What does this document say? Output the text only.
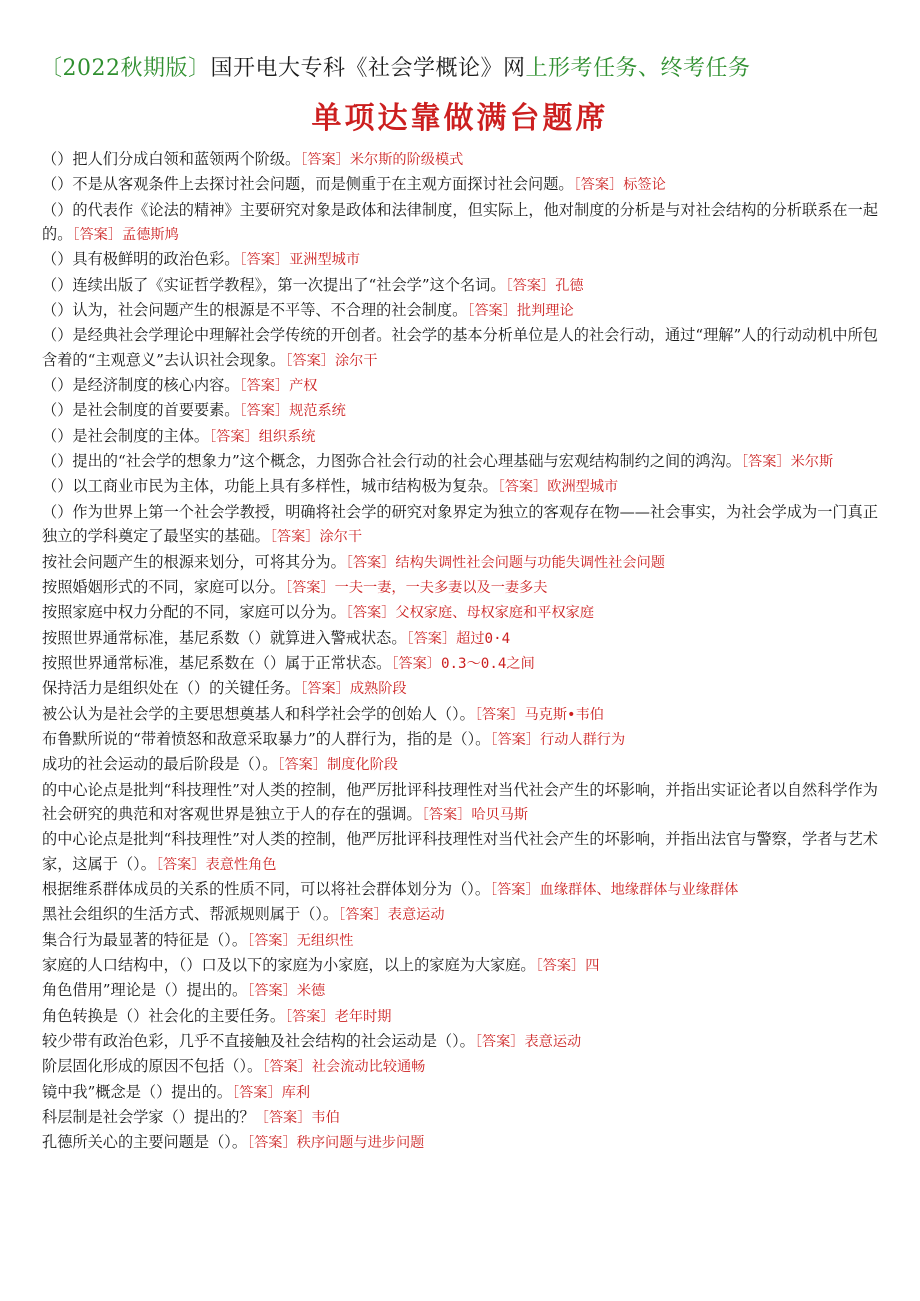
〔2022秋期版〕国开电大专科《社会学概论》网上形考任务、终考任务
单项达靠做满台题席

（）把人们分成白领和蓝领两个阶级。［答案］米尔斯的阶级模式

（）不是从客观条件上去探讨社会问题，而是侧重于在主观方面探讨社会问题。［答案］标签论

（）的代表作《论法的精神》主要研究对象是政体和法律制度，但实际上，他对制度的分析是与对社会结构的分析联系在一起的。［答案］孟德斯鸠

（）具有极鲜明的政治色彩。［答案］亚洲型城市

（）连续出版了《实证哲学教程》，第一次提出了“社会学”这个名词。［答案］孔德

（）认为，社会问题产生的根源是不平等、不合理的社会制度。［答案］批判理论

（）是经典社会学理论中理解社会学传统的开创者。社会学的基本分析单位是人的社会行动，通过“理解”人的行动动机中所包含着的“主观意义”去认识社会现象。［答案］涂尔干

（）是经济制度的核心内容。［答案］产权

（）是社会制度的首要要素。［答案］规范系统

（）是社会制度的主体。［答案］组织系统

（）提出的“社会学的想象力”这个概念，力图弥合社会行动的社会心理基础与宏观结构制约之间的鸿沟。［答案］米尔斯

（）以工商业市民为主体，功能上具有多样性，城市结构极为复杂。［答案］欧洲型城市

（）作为世界上第一个社会学教授，明确将社会学的研究对象界定为独立的客观存在物——社会事实，为社会学成为一门真正独立的学科奠定了最坚实的基础。［答案］涂尔干

按社会问题产生的根源来划分，可将其分为。［答案］结构失调性社会问题与功能失调性社会问题

按照婚姻形式的不同，家庭可以分。［答案］一夫一妻，一夫多妻以及一妻多夫

按照家庭中权力分配的不同，家庭可以分为。［答案］父权家庭、母权家庭和平权家庭

按照世界通常标准，基尼系数（）就算进入警戒状态。［答案］超过0·4

按照世界通常标准，基尼系数在（）属于正常状态。［答案〕0.3～0.4之间

保持活力是组织处在（）的关键任务。［答案］成熟阶段

被公认为是社会学的主要思想奠基人和科学社会学的创始人（）。［答案］马克斯•韦伯

布鲁默所说的“带着愤怒和敌意采取暴力”的人群行为，指的是（）。［答案］行动人群行为

成功的社会运动的最后阶段是（）。［答案］制度化阶段

的中心论点是批判“科技理性”对人类的控制，他严厉批评科技理性对当代社会产生的坏影响，并指出实证论者以自然科学作为社会研究的典范和对客观世界是独立于人的存在的强调。［答案］哈贝马斯

的中心论点是批判“科技理性”对人类的控制，他严厉批评科技理性对当代社会产生的坏影响，并指出法官与警察，学者与艺术家，这属于（）。［答案］表意性角色

根据维系群体成员的关系的性质不同，可以将社会群体划分为（）。［答案］血缘群体、地缘群体与业缘群体

黑社会组织的生活方式、帮派规则属于（）。［答案］表意运动

集合行为最显著的特征是（）。［答案］无组织性

家庭的人口结构中，（）口及以下的家庭为小家庭，以上的家庭为大家庭。［答案］四

角色借用”理论是（）提出的。［答案］米德

角色转换是（）社会化的主要任务。［答案］老年时期

较少带有政治色彩，几乎不直接触及社会结构的社会运动是（）。［答案］表意运动

阶层固化形成的原因不包括（）。［答案］社会流动比较通畅

镜中我”概念是（）提出的。［答案］库利

科层制是社会学家（）提出的？［答案］韦伯

孔德所关心的主要问题是（）。［答案］秩序问题与进步问题
